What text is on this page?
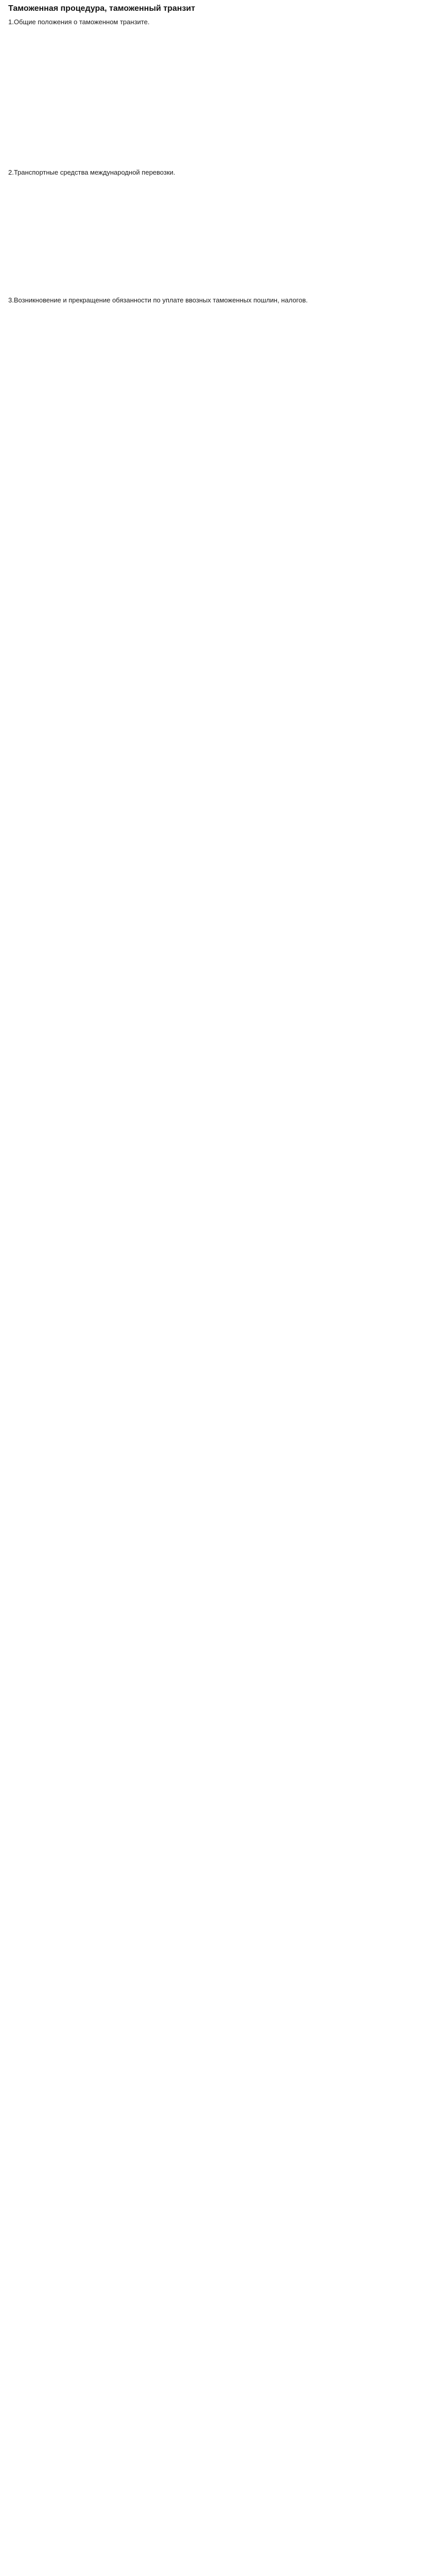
Таможенная процедура, таможенный транзит
1.Общие положения о таможенном транзите.

2.Транспортные средства международной перевозки.

3.Возникновение и прекращение обязанности по уплате ввозных таможенных пошлин, налогов.
